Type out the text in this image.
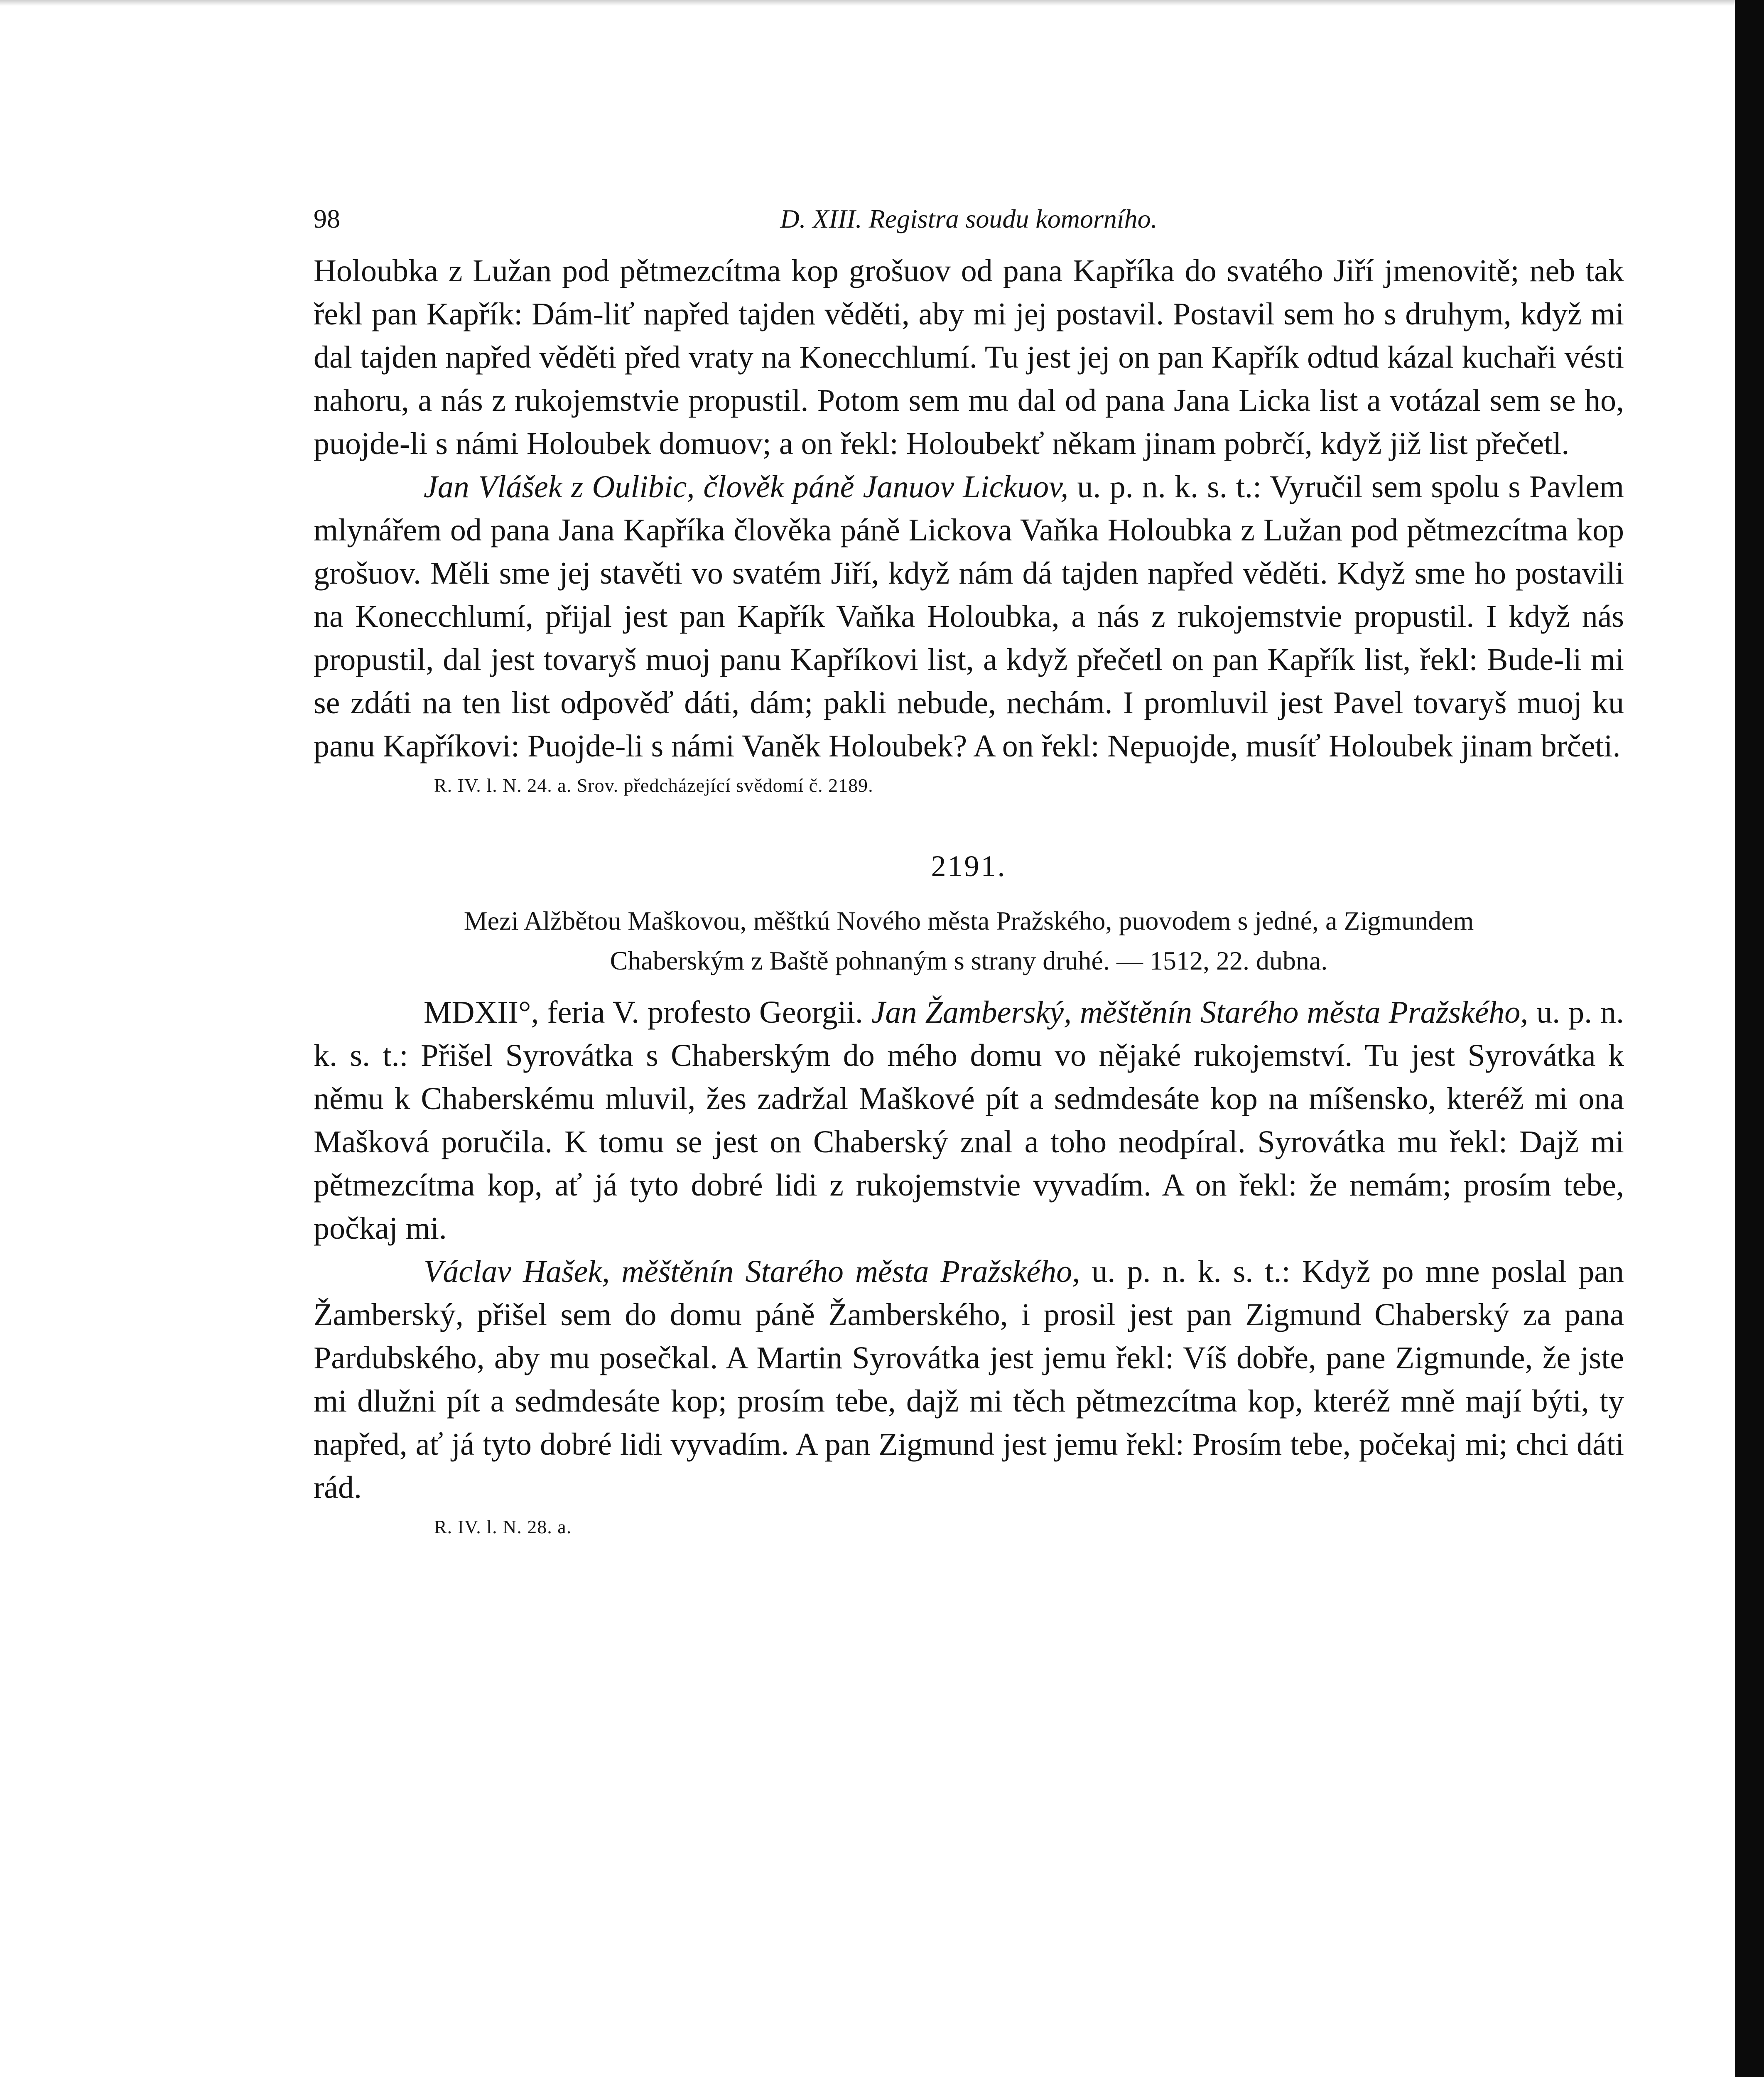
98	D. XIII. Registra soudu komorního.

Holoubka z Lužan pod pětmezcítma kop grošuov od pana Kapříka do svatého Jiří jmenovitě; neb tak řekl pan Kapřík: Dám-liť napřed tajden věděti, aby mi jej postavil. Postavil sem ho s druhym, když mi dal tajden napřed věděti před vraty na Konecchlumí. Tu jest jej on pan Kapřík odtud kázal kuchaři vésti nahoru, a nás z rukojemstvie propustil. Potom sem mu dal od pana Jana Licka list a votázal sem se ho, puojde-li s námi Holoubek domuov; a on řekl: Holoubekť někam jinam pobrčí, když již list přečetl.

Jan Vlášek z Oulibic, člověk páně Januov Lickuov, u. p. n. k. s. t.: Vyručil sem spolu s Pavlem mlynářem od pana Jana Kapříka člověka páně Lickova Vaňka Holoubka z Lužan pod pětmezcítma kop grošuov. Měli sme jej stavěti vo svatém Jiří, když nám dá tajden napřed věděti. Když sme ho postavili na Konecchlumí, přijal jest pan Kapřík Vaňka Holoubka, a nás z rukojemstvie propustil. I když nás propustil, dal jest tovaryš muoj panu Kapříkovi list, a když přečetl on pan Kapřík list, řekl: Bude-li mi se zdáti na ten list odpověď dáti, dám; pakli nebude, nechám. I promluvil jest Pavel tovaryš muoj ku panu Kapříkovi: Puojde-li s námi Vaněk Holoubek? A on řekl: Nepuojde, musíť Holoubek jinam brčeti.

R. IV. l. N. 24. a. Srov. předcházející svědomí č. 2189.
2191.
Mezi Alžbětou Maškovou, měštkú Nového města Pražského, puovodem s jedné, a Zigmundem
Chaberským z Baště pohnaným s strany druhé. — 1512, 22. dubna.

MDXII°, feria V. profesto Georgii. Jan Žamberský, měštěnín Starého města Pražského, u. p. n. k. s. t.: Přišel Syrovátka s Chaberským do mého domu vo nějaké rukojemství. Tu jest Syrovátka k němu k Chaberskému mluvil, žes zadržal Maškové pít a sedmdesáte kop na míšensko, kteréž mi ona Mašková poručila. K tomu se jest on Chaberský znal a toho neodpíral. Syrovátka mu řekl: Dajž mi pětmezcítma kop, ať já tyto dobré lidi z rukojemstvie vyvadím. A on řekl: že nemám; prosím tebe, počkaj mi.

Václav Hašek, měštěnín Starého města Pražského, u. p. n. k. s. t.: Když po mne poslal pan Žamberský, přišel sem do domu páně Žamberského, i prosil jest pan Zigmund Chaberský za pana Pardubského, aby mu posečkal. A Martin Syrovátka jest jemu řekl: Víš dobře, pane Zigmunde, že jste mi dlužni pít a sedmdesáte kop; prosím tebe, dajž mi těch pětmezcítma kop, kteréž mně mají býti, ty napřed, ať já tyto dobré lidi vyvadím. A pan Zigmund jest jemu řekl: Prosím tebe, počekaj mi; chci dáti rád.

R. IV. l. N. 28. a.
